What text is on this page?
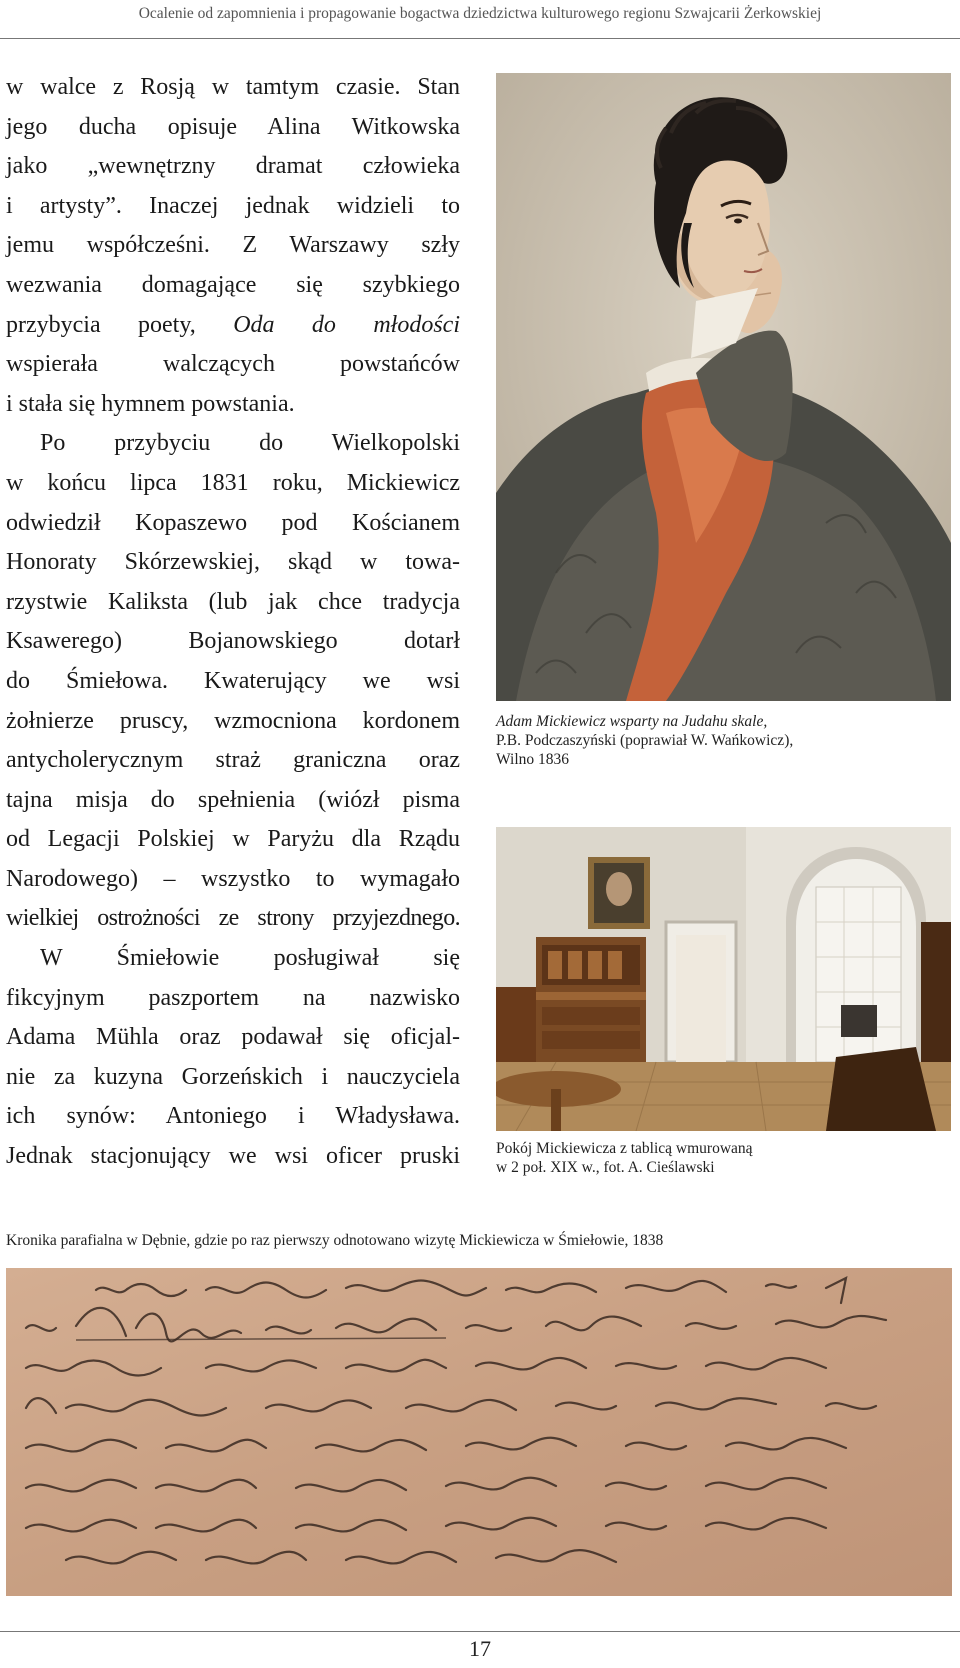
Ocalenie od zapomnienia i propagowanie bogactwa dziedzictwa kulturowego regionu Szwajcarii Żerkowskiej
w walce z Rosją w tamtym czasie. Stan
jego ducha opisuje Alina Witkowska
jako „wewnętrzny dramat człowieka
i artysty”. Inaczej jednak widzieli to
jemu współcześni. Z Warszawy szły
wezwania domagające się szybkiego
przybycia poety, Oda do młodości
wspierała walczących powstańców
i stała się hymnem powstania.
Po przybyciu do Wielkopolski
w końcu lipca 1831 roku, Mickiewicz
odwiedził Kopaszewo pod Kościanem
Honoraty Skórzewskiej, skąd w towa-
rzystwie Kaliksta (lub jak chce tradycja
Ksawerego) Bojanowskiego dotarł
do Śmiełowa. Kwaterujący we wsi
żołnierze pruscy, wzmocniona kordonem
antycholerycznym straż graniczna oraz
tajna misja do spełnienia (wiózł pisma
od Legacji Polskiej w Paryżu dla Rządu
Narodowego) – wszystko to wymagało
wielkiej ostrożności ze strony przyjezdnego.
W Śmiełowie posługiwał się
fikcyjnym paszportem na nazwisko
Adama Mühla oraz podawał się oficjal-
nie za kuzyna Gorzeńskich i nauczyciela
ich synów: Antoniego i Władysława.
Jednak stacjonujący we wsi oficer pruski
Adam Mickiewicz wsparty na Judahu skale,
P.B. Podczaszyński (poprawiał W. Wańkowicz),
Wilno 1836
Pokój Mickiewicza z tablicą wmurowaną
w 2 poł. XIX w., fot. A. Cieślawski
Kronika parafialna w Dębnie, gdzie po raz pierwszy odnotowano wizytę Mickiewicza w Śmiełowie, 1838
17
